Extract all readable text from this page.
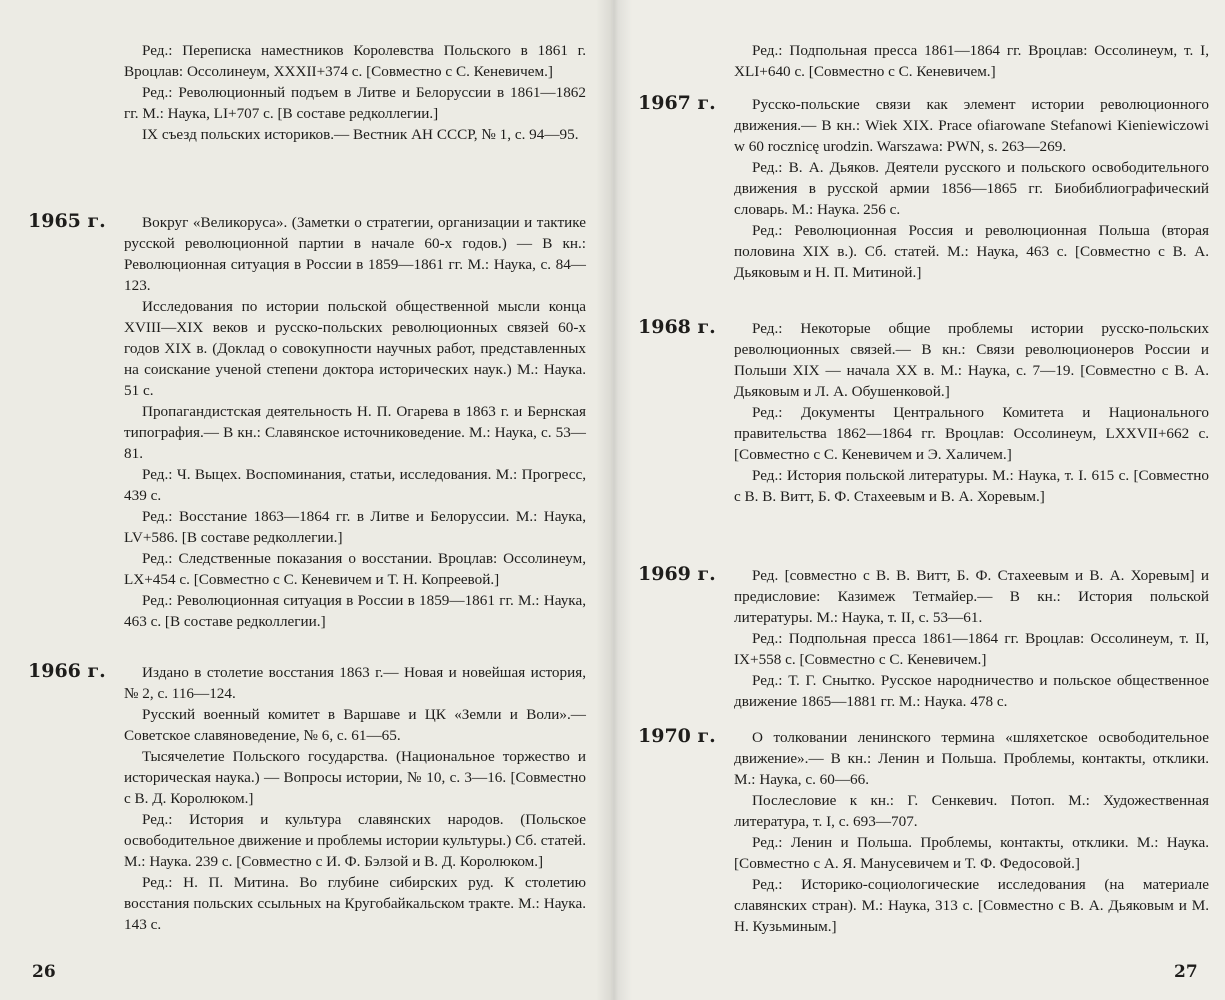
Ред.: Переписка наместников Королевства Польского в 1861 г. Вроцлав: Оссолинеум, XXXII+374 с. [Совместно с С. Кеневичем.]
Ред.: Революционный подъем в Литве и Белоруссии в 1861—1862 гг. М.: Наука, LI+707 с. [В составе редколлегии.]
IX съезд польских историков.— Вестник АН СССР, № 1, с. 94—95.
1965 г.	Вокруг «Великоруса». (Заметки о стратегии, организации и тактике русской революционной партии в начале 60-х годов.) — В кн.: Революционная ситуация в России в 1859—1861 гг. М.: Наука, с. 84—123.
Исследования по истории польской общественной мысли конца XVIII—XIX веков и русско-польских революционных связей 60-х годов XIX в. (Доклад о совокупности научных работ, представленных на соискание ученой степени доктора исторических наук.) М.: Наука. 51 с.
Пропагандистская деятельность Н. П. Огарева в 1863 г. и Бернская типография.— В кн.: Славянское источниковедение. М.: Наука, с. 53—81.
Ред.: Ч. Выцех. Воспоминания, статьи, исследования. М.: Прогресс, 439 с.
Ред.: Восстание 1863—1864 гг. в Литве и Белоруссии. М.: Наука, LV+586. [В составе редколлегии.]
Ред.: Следственные показания о восстании. Вроцлав: Оссолинеум, LX+454 с. [Совместно с С. Кеневичем и Т. Н. Копреевой.]
Ред.: Революционная ситуация в России в 1859—1861 гг. М.: Наука, 463 с. [В составе редколлегии.]
1966 г.	Издано в столетие восстания 1863 г.— Новая и новейшая история, № 2, с. 116—124.
Русский военный комитет в Варшаве и ЦК «Земли и Воли».— Советское славяноведение, № 6, с. 61—65.
Тысячелетие Польского государства. (Национальное торжество и историческая наука.) — Вопросы истории, № 10, с. 3—16. [Совместно с В. Д. Королюком.]
Ред.: История и культура славянских народов. (Польское освободительное движение и проблемы истории культуры.) Сб. статей. М.: Наука. 239 с. [Совместно с И. Ф. Бэлзой и В. Д. Королюком.]
Ред.: Н. П. Митина. Во глубине сибирских руд. К столетию восстания польских ссыльных на Кругобайкальском тракте. М.: Наука. 143 с.
26
Ред.: Подпольная пресса 1861—1864 гг. Вроцлав: Оссолинеум, т. I, XLI+640 с. [Совместно с С. Кеневичем.]
1967 г.	Русско-польские связи как элемент истории революционного движения.— В кн.: Wiek XIX. Prace ofiarowane Stefanowi Kieniewiczowi w 60 rocznicę urodzin. Warszawa: PWN, s. 263—269.
Ред.: В. А. Дьяков. Деятели русского и польского освободительного движения в русской армии 1856—1865 гг. Биобиблиографический словарь. М.: Наука. 256 с.
Ред.: Революционная Россия и революционная Польша (вторая половина XIX в.). Сб. статей. М.: Наука, 463 с. [Совместно с В. А. Дьяковым и Н. П. Митиной.]
1968 г.	Ред.: Некоторые общие проблемы истории русско-польских революционных связей.— В кн.: Связи революционеров России и Польши XIX — начала XX в. М.: Наука, с. 7—19. [Совместно с В. А. Дьяковым и Л. А. Обушенковой.]
Ред.: Документы Центрального Комитета и Национального правительства 1862—1864 гг. Вроцлав: Оссолинеум, LXXVII+662 с. [Совместно с С. Кеневичем и Э. Халичем.]
Ред.: История польской литературы. М.: Наука, т. I. 615 с. [Совместно с В. В. Витт, Б. Ф. Стахеевым и В. А. Хоревым.]
1969 г.	Ред. [совместно с В. В. Витт, Б. Ф. Стахеевым и В. А. Хоревым] и предисловие: Казимеж Тетмайер.— В кн.: История польской литературы. М.: Наука, т. II, с. 53—61.
Ред.: Подпольная пресса 1861—1864 гг. Вроцлав: Оссолинеум, т. II, IX+558 с. [Совместно с С. Кеневичем.]
Ред.: Т. Г. Снытко. Русское народничество и польское общественное движение 1865—1881 гг. М.: Наука. 478 с.
1970 г.	О толковании ленинского термина «шляхетское освободительное движение».— В кн.: Ленин и Польша. Проблемы, контакты, отклики. М.: Наука, с. 60—66.
Послесловие к кн.: Г. Сенкевич. Потоп. М.: Художественная литература, т. I, с. 693—707.
Ред.: Ленин и Польша. Проблемы, контакты, отклики. М.: Наука. [Совместно с А. Я. Манусевичем и Т. Ф. Федосовой.]
Ред.: Историко-социологические исследования (на материале славянских стран). М.: Наука, 313 с. [Совместно с В. А. Дьяковым и М. Н. Кузьминым.]
27
